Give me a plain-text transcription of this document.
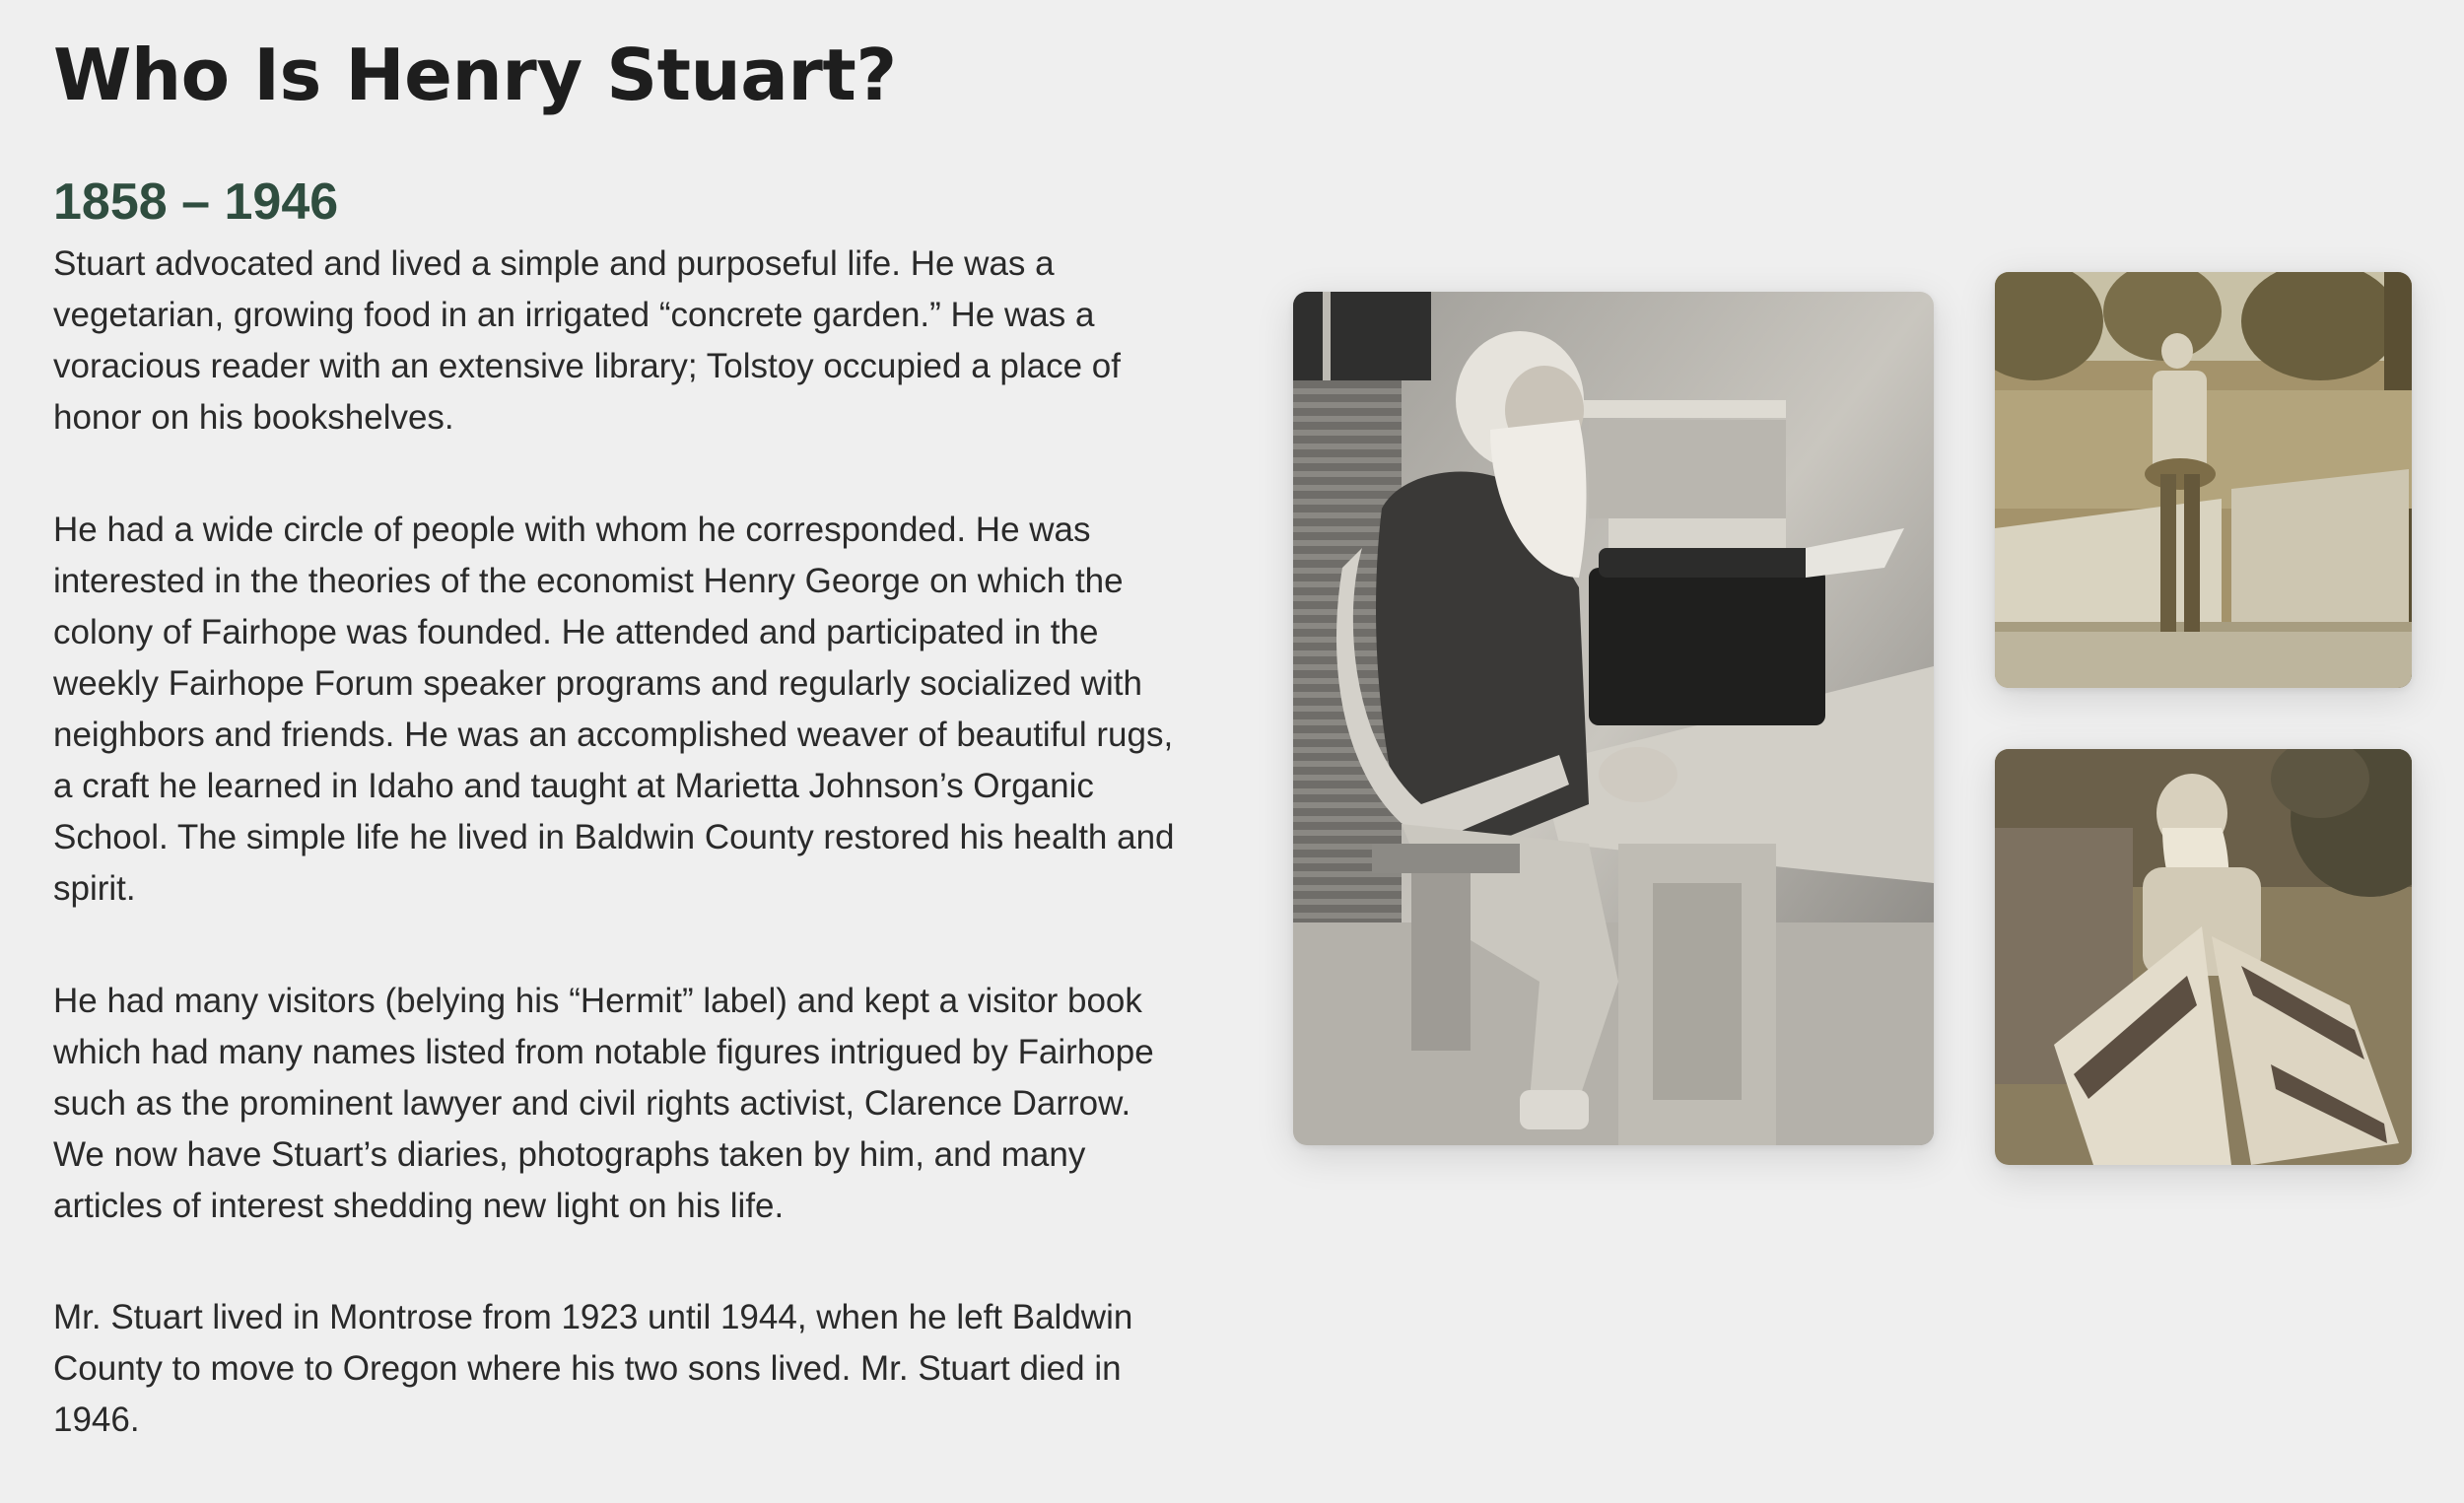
Who Is Henry Stuart?
1858 – 1946

Stuart advocated and lived a simple and purposeful life. He was a vegetarian, growing food in an irrigated “concrete garden.” He was a voracious reader with an extensive library; Tolstoy occupied a place of honor on his bookshelves.

He had a wide circle of people with whom he corresponded. He was interested in the theories of the economist Henry George on which the colony of Fairhope was founded. He attended and participated in the weekly Fairhope Forum speaker programs and regularly socialized with neighbors and friends. He was an accomplished weaver of beautiful rugs, a craft he learned in Idaho and taught at Marietta Johnson’s Organic School. The simple life he lived in Baldwin County restored his health and spirit.

He had many visitors (belying his “Hermit” label) and kept a visitor book which had many names listed from notable figures intrigued by Fairhope such as the prominent lawyer and civil rights activist, Clarence Darrow. We now have Stuart’s diaries, photographs taken by him, and many articles of interest shedding new light on his life.

Mr. Stuart lived in Montrose from 1923 until 1944, when he left Baldwin County to move to Oregon where his two sons lived. Mr. Stuart died in 1946.
